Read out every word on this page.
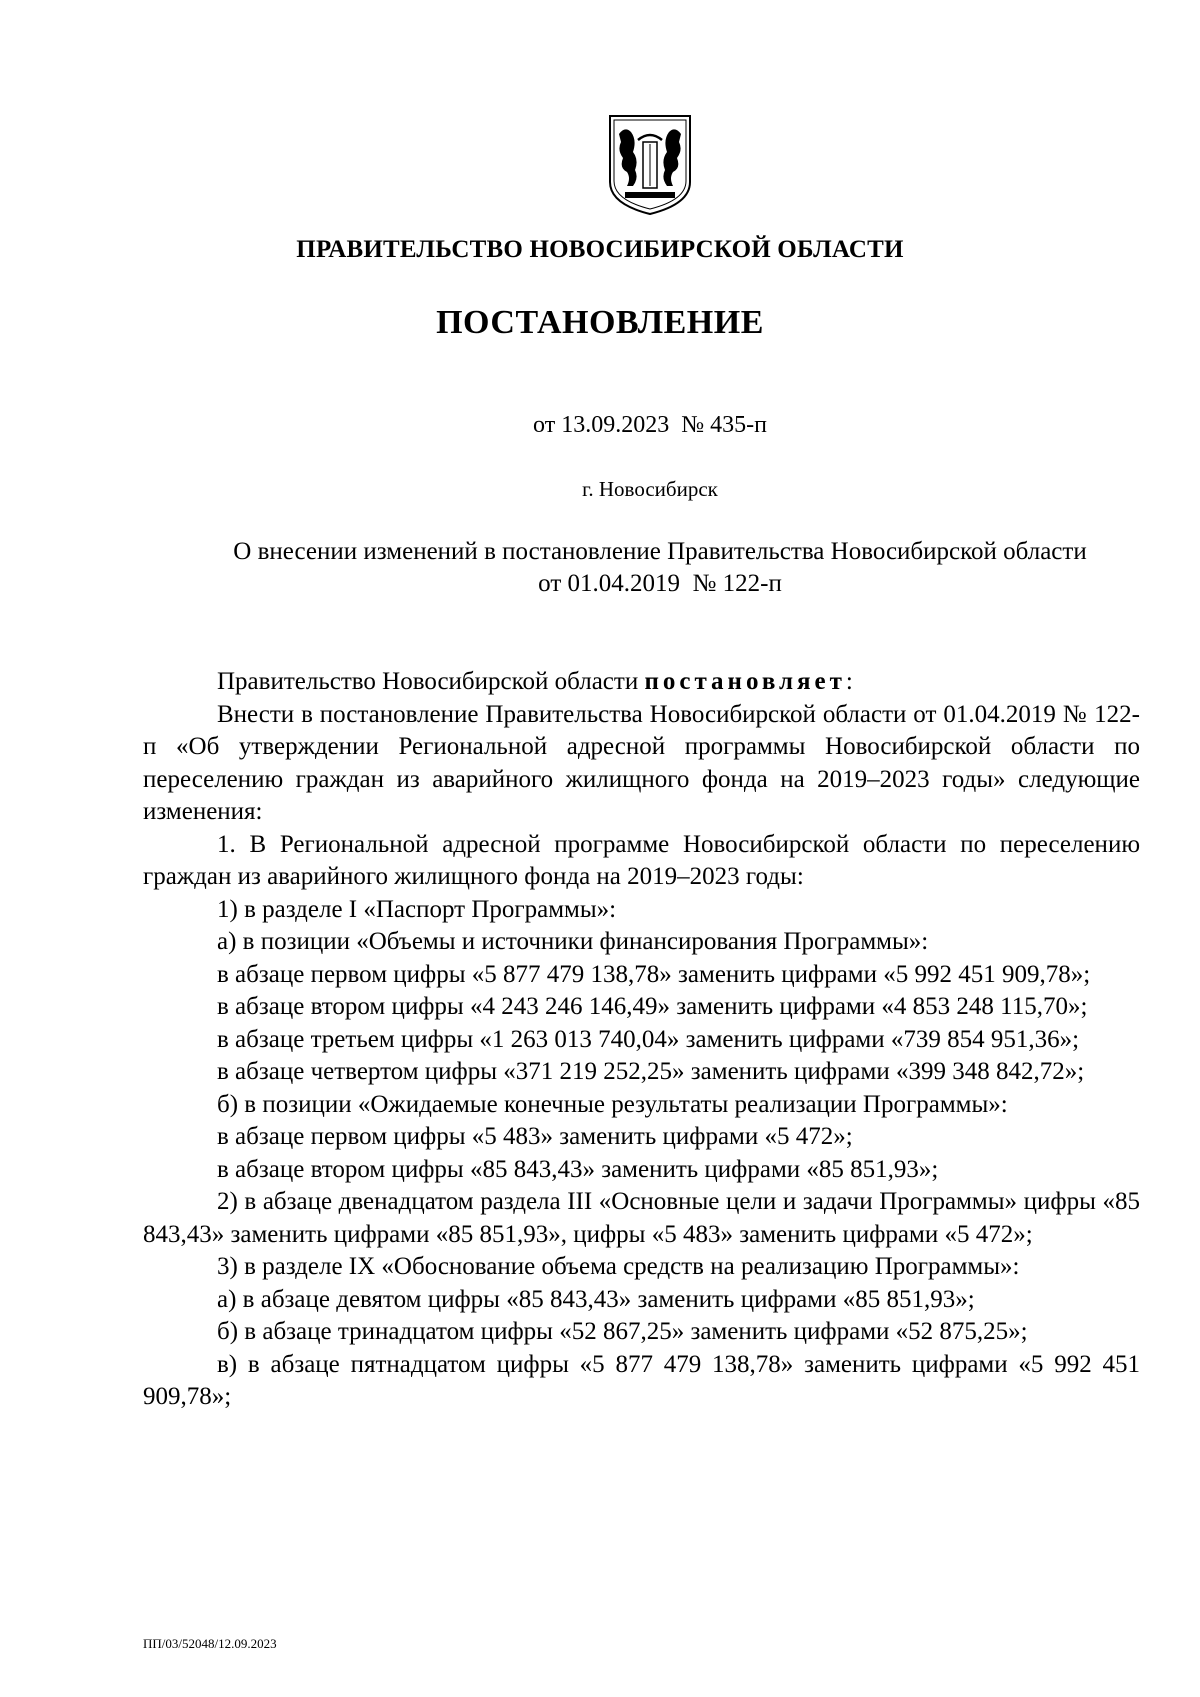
ПРАВИТЕЛЬСТВО НОВОСИБИРСКОЙ ОБЛАСТИ
ПОСТАНОВЛЕНИЕ
от 13.09.2023 № 435-п
г. Новосибирск
О внесении изменений в постановление Правительства Новосибирской области
от 01.04.2019  № 122-п

Правительство Новосибирской области постановляет:

Внести в постановление Правительства Новосибирской области от 01.04.2019 № 122-п «Об утверждении Региональной адресной программы Новосибирской области по переселению граждан из аварийного жилищного фонда на 2019–2023 годы» следующие изменения:

1. В Региональной адресной программе Новосибирской области по переселению граждан из аварийного жилищного фонда на 2019–2023 годы:

1) в разделе I «Паспорт Программы»:

а) в позиции «Объемы и источники финансирования Программы»:

в абзаце первом цифры «5 877 479 138,78» заменить цифрами «5 992 451 909,78»;

в абзаце втором цифры «4 243 246 146,49» заменить цифрами «4 853 248 115,70»;

в абзаце третьем цифры «1 263 013 740,04» заменить цифрами «739 854 951,36»;

в абзаце четвертом цифры «371 219 252,25» заменить цифрами «399 348 842,72»;

б) в позиции «Ожидаемые конечные результаты реализации Программы»:

в абзаце первом цифры «5 483» заменить цифрами «5 472»;

в абзаце втором цифры «85 843,43» заменить цифрами «85 851,93»;

2) в абзаце двенадцатом раздела III «Основные цели и задачи Программы» цифры «85 843,43» заменить цифрами «85 851,93», цифры «5 483» заменить цифрами «5 472»;

3) в разделе IX «Обоснование объема средств на реализацию Программы»:

а) в абзаце девятом цифры «85 843,43» заменить цифрами «85 851,93»;

б) в абзаце тринадцатом цифры «52 867,25» заменить цифрами «52 875,25»;

в) в абзаце пятнадцатом цифры «5 877 479 138,78» заменить цифрами «5 992 451 909,78»;

ПП/03/52048/12.09.2023
